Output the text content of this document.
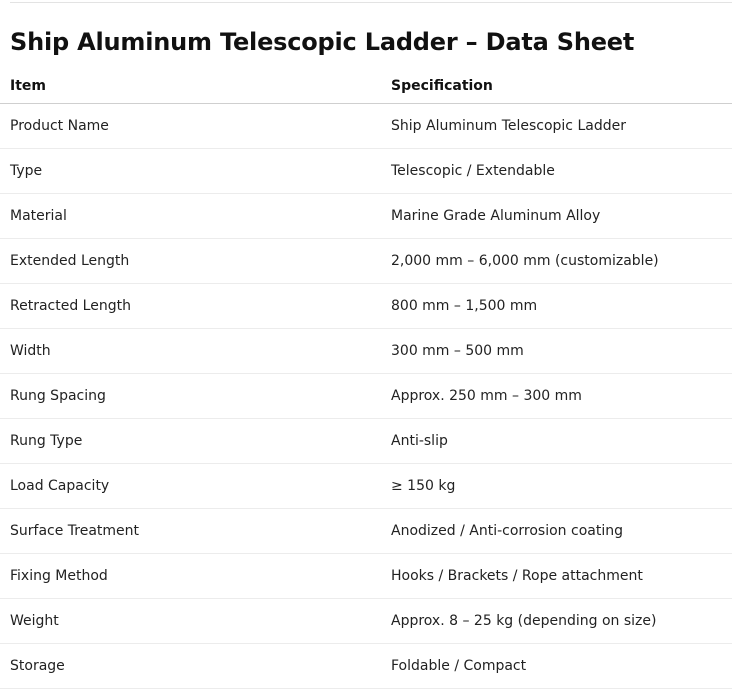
Ship Aluminum Telescopic Ladder – Data Sheet
Item	Specification
Product Name	Ship Aluminum Telescopic Ladder
Type	Telescopic / Extendable
Material	Marine Grade Aluminum Alloy
Extended Length	2,000 mm – 6,000 mm (customizable)
Retracted Length	800 mm – 1,500 mm
Width	300 mm – 500 mm
Rung Spacing	Approx. 250 mm – 300 mm
Rung Type	Anti-slip
Load Capacity	≥ 150 kg
Surface Treatment	Anodized / Anti-corrosion coating
Fixing Method	Hooks / Brackets / Rope attachment
Weight	Approx. 8 – 25 kg (depending on size)
Storage	Foldable / Compact
